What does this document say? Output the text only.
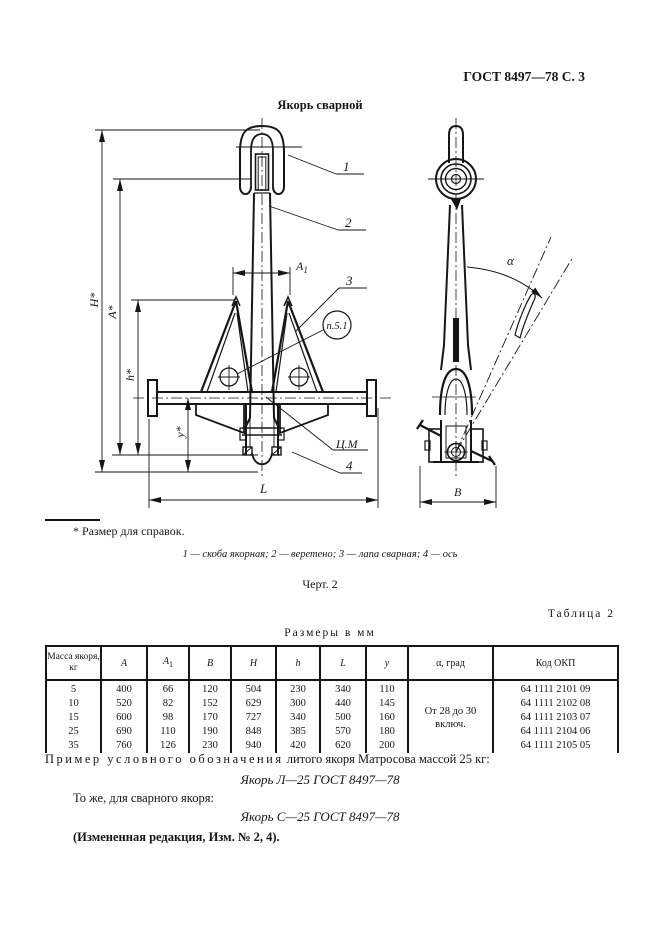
ГОСТ 8497—78 С. 3
Якорь сварной
H*
A*
h*
y*
$A_1$
L	B
α
1
2
3
4
п.5.1
Ц.М
* Размер для справок.
1 — скоба якорная; 2 — веретено; 3 — лапа сварная; 4 — ось
Черт. 2
Таблица 2
Размеры в мм
Масса якоря, кг	A	$A_1$	B	H	h	L	y	α, град	Код ОКП
5	400	66	120	504	230	340	110	От 28 до 30 включ.	64 1111 2101 09
10	520	82	152	629	300	440	145		64 1111 2102 08
15	600	98	170	727	340	500	160		64 1111 2103 07
25	690	110	190	848	385	570	180		64 1111 2104 06
35	760	126	230	940	420	620	200		64 1111 2105 05
Пример условного обозначения литого якоря Матросова массой 25 кг:
Якорь Л—25 ГОСТ 8497—78
То же, для сварного якоря:
Якорь С—25 ГОСТ 8497—78
(Измененная редакция, Изм. № 2, 4).
